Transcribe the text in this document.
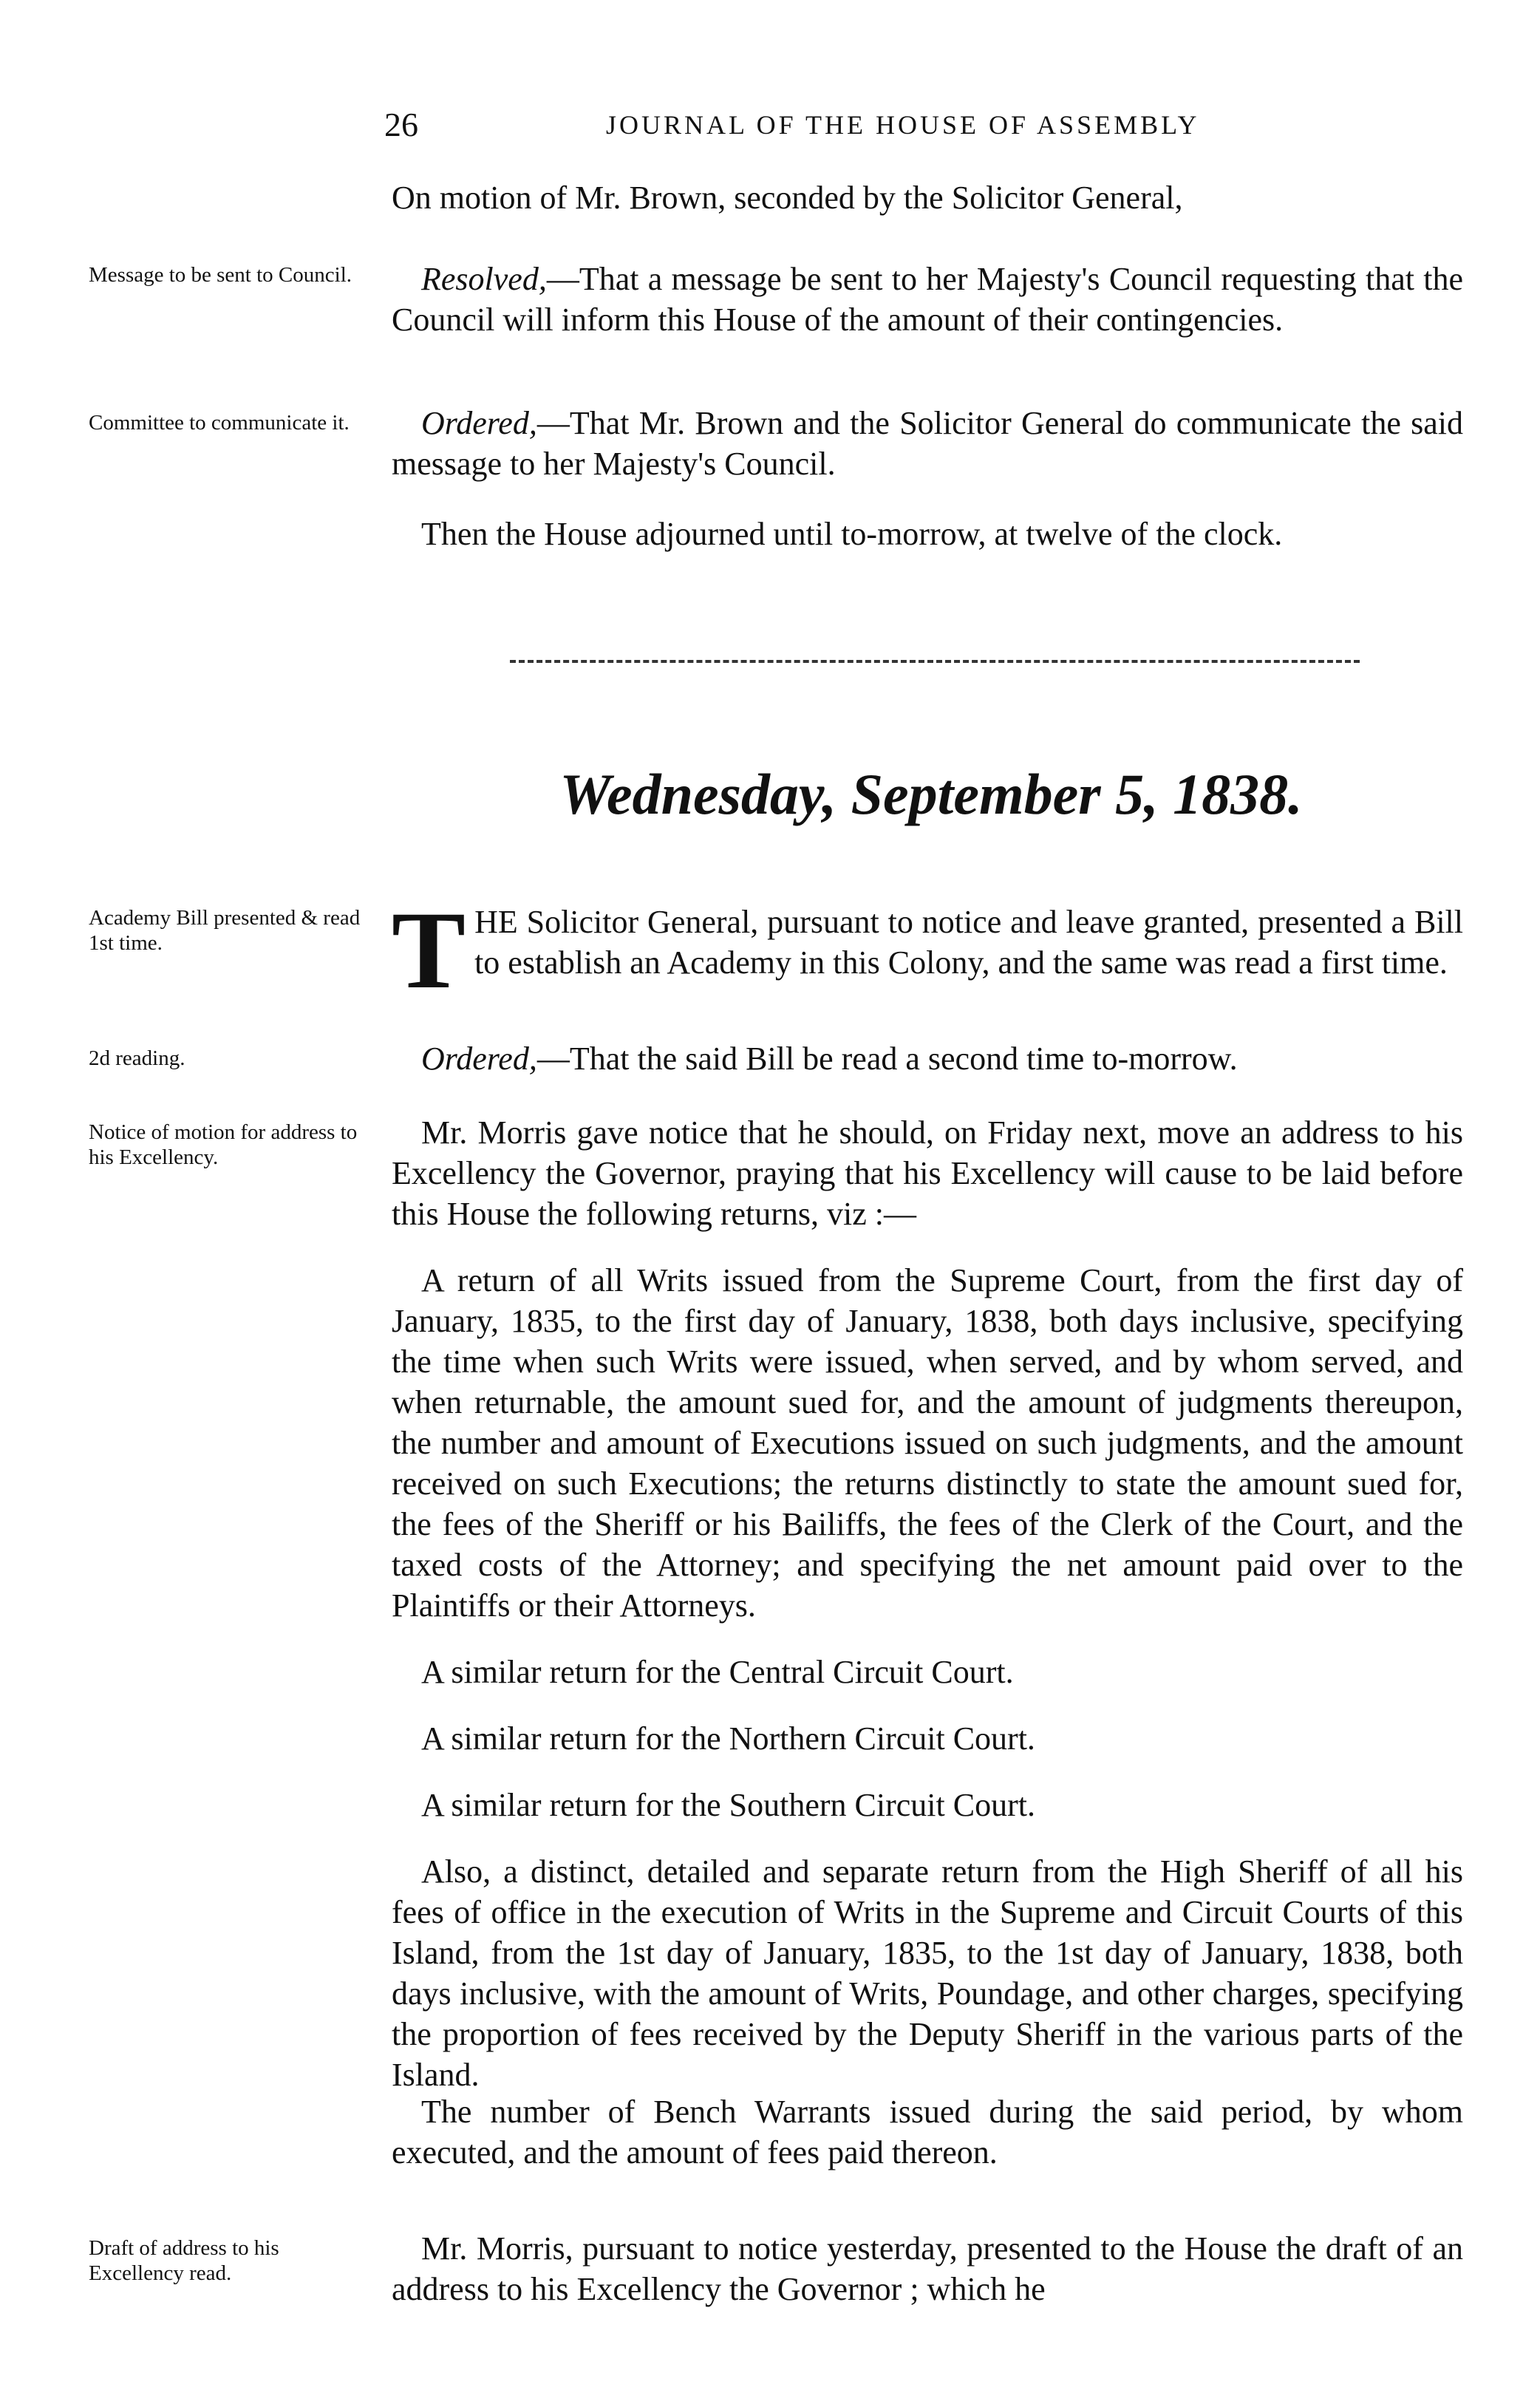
26	JOURNAL OF THE HOUSE OF ASSEMBLY
On motion of Mr. Brown, seconded by the Solicitor General,
Message to be sent to Council.	Resolved,—That a message be sent to her Majesty's Council requesting that the Council will inform this House of the amount of their contingencies.
Committee to communicate it.	Ordered,—That Mr. Brown and the Solicitor General do communicate the said message to her Majesty's Council.
Then the House adjourned until to-morrow, at twelve of the clock.
Wednesday, September 5, 1838.
Academy Bill presented & read 1st time.	THE Solicitor General, pursuant to notice and leave granted, presented a Bill to establish an Academy in this Colony, and the same was read a first time.
2d reading.	Ordered,—That the said Bill be read a second time to-morrow.
Notice of motion for address to his Excellency.
Mr. Morris gave notice that he should, on Friday next, move an address to his Excellency the Governor, praying that his Excellency will cause to be laid before this House the following returns, viz :—
A return of all Writs issued from the Supreme Court, from the first day of January, 1835, to the first day of January, 1838, both days inclusive, specifying the time when such Writs were issued, when served, and by whom served, and when returnable, the amount sued for, and the amount of judgments thereupon, the number and amount of Executions issued on such judgments, and the amount received on such Executions; the returns distinctly to state the amount sued for, the fees of the Sheriff or his Bailiffs, the fees of the Clerk of the Court, and the taxed costs of the Attorney; and specifying the net amount paid over to the Plaintiffs or their Attorneys.
A similar return for the Central Circuit Court.
A similar return for the Northern Circuit Court.
A similar return for the Southern Circuit Court.
Also, a distinct, detailed and separate return from the High Sheriff of all his fees of office in the execution of Writs in the Supreme and Circuit Courts of this Island, from the 1st day of January, 1835, to the 1st day of January, 1838, both days inclusive, with the amount of Writs, Poundage, and other charges, specifying the proportion of fees received by the Deputy Sheriff in the various parts of the Island.
The number of Bench Warrants issued during the said period, by whom executed, and the amount of fees paid thereon.
Draft of address to his Excellency read.
Mr. Morris, pursuant to notice yesterday, presented to the House the draft of an address to his Excellency the Governor ; which he
